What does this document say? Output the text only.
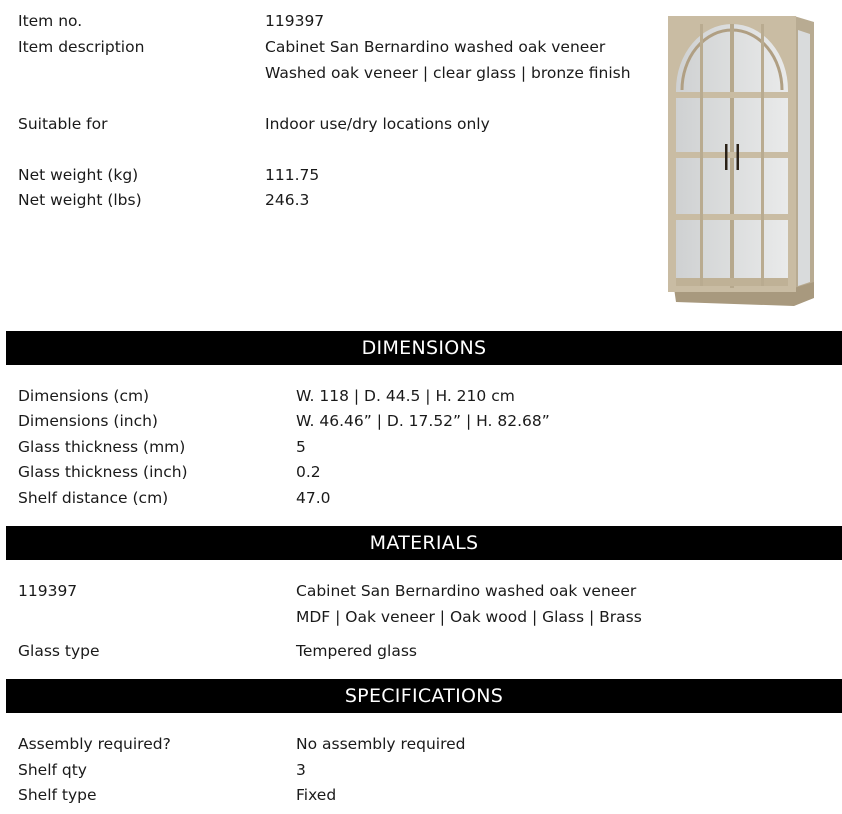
Item no.	119397
Item description	Cabinet San Bernardino washed oak veneer
Washed oak veneer | clear glass | bronze finish
Suitable for	Indoor use/dry locations only
Net weight (kg)	111.75
Net weight (lbs)	246.3
DIMENSIONS
Dimensions (cm)	W. 118 | D. 44.5 | H. 210 cm
Dimensions (inch)	W. 46.46” | D. 17.52” | H. 82.68”
Glass thickness (mm)	5
Glass thickness (inch)	0.2
Shelf distance (cm)	47.0
MATERIALS
119397	Cabinet San Bernardino washed oak veneer
MDF | Oak veneer | Oak wood | Glass | Brass
Glass type	Tempered glass
SPECIFICATIONS
Assembly required?	No assembly required
Shelf qty	3
Shelf type	Fixed
